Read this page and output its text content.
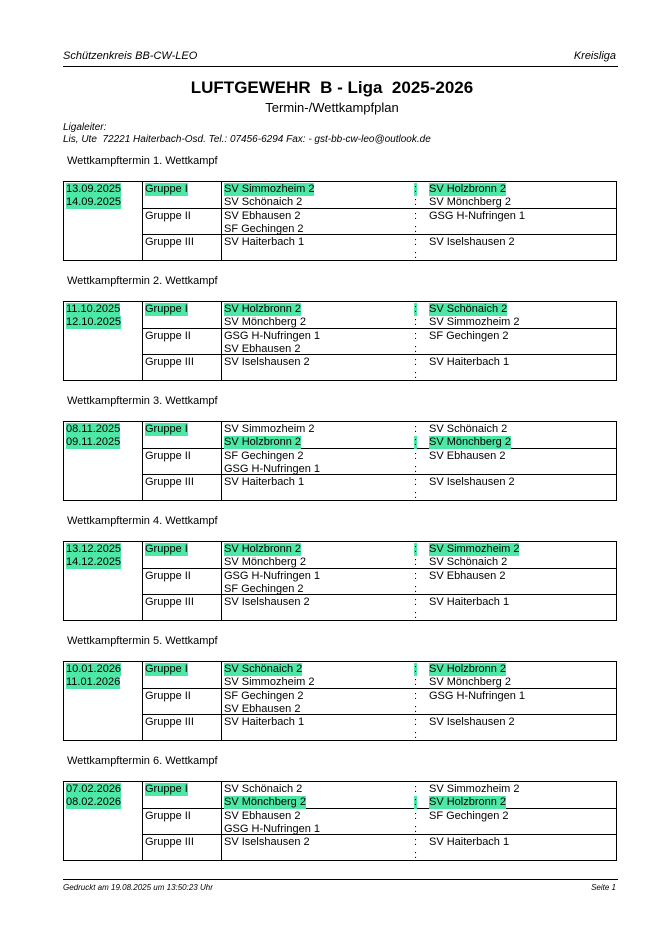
Schützenkreis BB-CW-LEO	Kreisliga
LUFTGEWEHR  B - Liga  2025-2026
Termin-/Wettkampfplan
Ligaleiter:
Lis, Ute  72221 Haiterbach-Osd. Tel.: 07456-6294 Fax: - gst-bb-cw-leo@outlook.de
Wettkampftermin 1. Wettkampf
13.09.2025
14.09.2025
Gruppe I	SV Simmozheim 2	: SV Holzbronn 2
SV Schönaich 2	: SV Mönchberg 2
Gruppe II	SV Ebhausen 2	: GSG H-Nufringen 1
SF Gechingen 2	:
Gruppe III	SV Haiterbach 1	: SV Iselshausen 2
:
Wettkampftermin 2. Wettkampf
11.10.2025
12.10.2025
Gruppe I	SV Holzbronn 2	: SV Schönaich 2
SV Mönchberg 2	: SV Simmozheim 2
Gruppe II	GSG H-Nufringen 1	: SF Gechingen 2
SV Ebhausen 2	:
Gruppe III	SV Iselshausen 2	: SV Haiterbach 1
:
Wettkampftermin 3. Wettkampf
08.11.2025
09.11.2025
Gruppe I	SV Simmozheim 2	: SV Schönaich 2
SV Holzbronn 2	: SV Mönchberg 2
Gruppe II	SF Gechingen 2	: SV Ebhausen 2
GSG H-Nufringen 1	:
Gruppe III	SV Haiterbach 1	: SV Iselshausen 2
:
Wettkampftermin 4. Wettkampf
13.12.2025
14.12.2025
Gruppe I	SV Holzbronn 2	: SV Simmozheim 2
SV Mönchberg 2	: SV Schönaich 2
Gruppe II	GSG H-Nufringen 1	: SV Ebhausen 2
SF Gechingen 2	:
Gruppe III	SV Iselshausen 2	: SV Haiterbach 1
:
Wettkampftermin 5. Wettkampf
10.01.2026
11.01.2026
Gruppe I	SV Schönaich 2	: SV Holzbronn 2
SV Simmozheim 2	: SV Mönchberg 2
Gruppe II	SF Gechingen 2	: GSG H-Nufringen 1
SV Ebhausen 2	:
Gruppe III	SV Haiterbach 1	: SV Iselshausen 2
:
Wettkampftermin 6. Wettkampf
07.02.2026
08.02.2026
Gruppe I	SV Schönaich 2	: SV Simmozheim 2
SV Mönchberg 2	: SV Holzbronn 2
Gruppe II	SV Ebhausen 2	: SF Gechingen 2
GSG H-Nufringen 1	:
Gruppe III	SV Iselshausen 2	: SV Haiterbach 1
:
Gedruckt am 19.08.2025 um 13:50:23 Uhr	Seite 1
